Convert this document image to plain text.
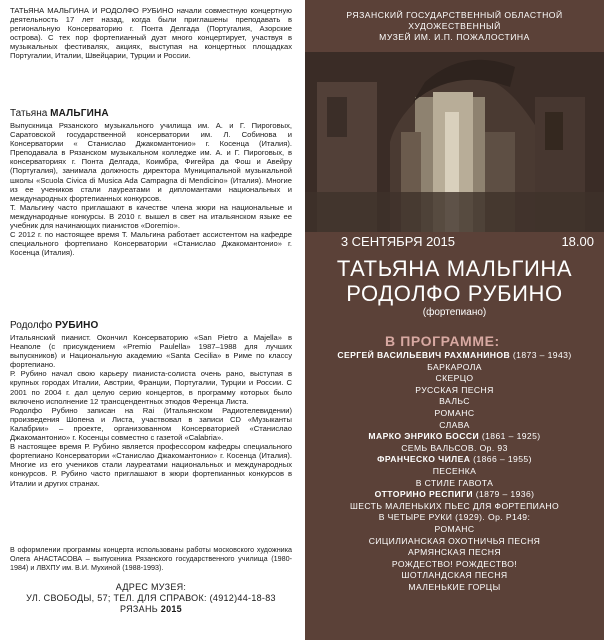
ТАТЬЯНА МАЛЬГИНА И РОДОЛФО РУБИНО начали совместную концертную деятельность 17 лет назад, когда были приглашены преподавать в региональную Консерваторию г. Понта Делгада (Португалия, Азорские острова). С тех пор фортепианный дуэт много концертирует, участвуя в музыкальных фестивалях, акциях, выступая на концертных площадках Португалии, Италии, Швейцарии, Турции и России.

Татьяна МАЛЬГИНА

Выпускница Рязанского музыкального училища им. А. и Г. Пироговых, Саратовской государственной консерватории им. Л. Собинова и Консерватории « Станислао Джакомантонио» г. Косенца (Италия). Преподавала в Рязанском музыкальном колледже им. А. и Г. Пироговых, в консерваториях г. Понта Делгада, Коимбра, Фигейра да Фош и Авейру (Португалия), занимала должность директора Муниципальной музыкальной школы «Scuola Civica di Musica Ada Campagna di Mendicino» (Италия). Многие из ее учеников стали лауреатами и дипломантами национальных и международных фортепианных конкурсов.

Т. Мальгину часто приглашают в качестве члена жюри на национальные и международные конкурсы. В 2010 г. вышел в свет на итальянском языке ее учебник для начинающих пианистов «Doremio».

С 2012 г. по настоящее время Т. Мальгина работает ассистентом на кафедре специального фортепиано Консерватории «Станислао Джакомантонио» г. Косенца (Италия).

Родолфо РУБИНО

Итальянский пианист. Окончил Консерваторию «San Pietro a Majella» в Неаполе (с присуждением «Premio Paulella» 1987–1988 для лучших выпускников) и Национальную академию «Santa Cecilia» в Риме по классу фортепиано.

Р. Рубино начал свою карьеру пианиста-солиста очень рано, выступая в крупных городах Италии, Австрии, Франции, Португалии, Турции и России. С 2001 по 2004 г. дал целую серию концертов, в программу которых было включено исполнение 12 трансцендентных этюдов Ференца Листа.

Родолфо Рубино записан на Rai (Итальянском Радиотелевидении) произведения Шопена и Листа, участвовал в записи CD «Музыканты Калабрии» – проекте, организованном Консерваторией «Станислао Джакомантонио» г. Косенцы совместно с газетой «Calabria».

В настоящее время Р. Рубино является профессором кафедры специального фортепиано Консерватории «Станислао Джакомантонио» г. Косенца (Италия). Многие из его учеников стали лауреатами национальных и международных конкурсов. Р. Рубино часто приглашают в жюри фортепианных конкурсов в Италии и других странах.

В оформлении программы концерта использованы работы московского художника Олега АНАСТАСОВА – выпускника Рязанского государственного училища (1980-1984) и ЛВХПУ им. В.И. Мухиной (1988-1993).

АДРЕС МУЗЕЯ:
УЛ. СВОБОДЫ, 57; ТЕЛ. ДЛЯ СПРАВОК: (4912)44-18-83
РЯЗАНЬ 2015
РЯЗАНСКИЙ ГОСУДАРСТВЕННЫЙ ОБЛАСТНОЙ ХУДОЖЕСТВЕННЫЙ
МУЗЕЙ ИМ. И.П. ПОЖАЛОСТИНА
3 СЕНТЯБРЯ 2015	18.00
ТАТЬЯНА МАЛЬГИНА
РОДОЛФО РУБИНО
(фортепиано)
В ПРОГРАММЕ:
СЕРГЕЙ ВАСИЛЬЕВИЧ РАХМАНИНОВ (1873 – 1943)
БАРКАРОЛА
СКЕРЦО
РУССКАЯ ПЕСНЯ
ВАЛЬС
РОМАНС
СЛАВА
МАРКО ЭНРИКО БОССИ (1861 – 1925)
СЕМЬ ВАЛЬСОВ. Op. 93
ФРАНЧЕСКО ЧИЛЕА (1866 – 1955)
ПЕСЕНКА
В СТИЛЕ ГАВОТА
ОТТОРИНО РЕСПИГИ (1879 – 1936)
ШЕСТЬ МАЛЕНЬКИХ ПЬЕС ДЛЯ ФОРТЕПИАНО
В ЧЕТЫРЕ РУКИ (1929). Op. P149:
РОМАНС
СИЦИЛИАНСКАЯ ОХОТНИЧЬЯ ПЕСНЯ
АРМЯНСКАЯ ПЕСНЯ
РОЖДЕСТВО! РОЖДЕСТВО!
ШОТЛАНДСКАЯ ПЕСНЯ
МАЛЕНЬКИЕ ГОРЦЫ
